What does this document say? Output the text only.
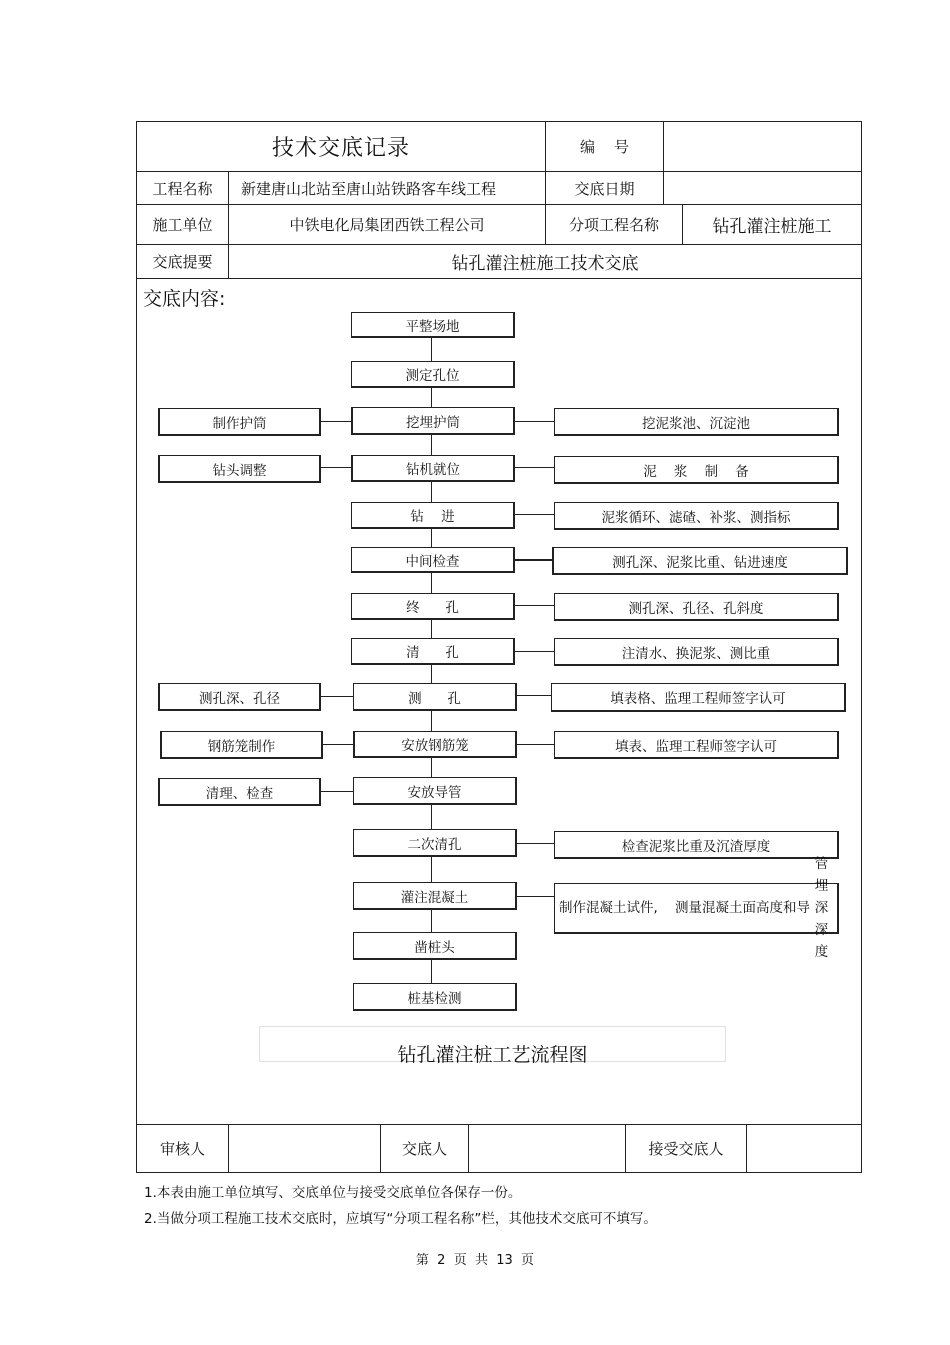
技术交底记录	编    号
工程名称	新建唐山北站至唐山站铁路客车线工程	交底日期
施工单位	中铁电化局集团西铁工程公司	分项工程名称	钻孔灌注桩施工
交底提要	钻孔灌注桩施工技术交底
交底内容:
平整场地
测定孔位
挖埋护筒
钻机就位
钻    进
中间检查
终      孔
清      孔
测      孔
安放钢筋笼
安放导管
二次清孔
灌注混凝土
凿桩头
桩基检测
制作护筒
钻头调整
测孔深、孔径
钢筋笼制作
清理、检查
挖泥浆池、沉淀池
泥    浆    制    备
泥浆循环、滤碴、补浆、测指标
测孔深、泥浆比重、钻进速度
测孔深、孔径、孔斜度
注清水、换泥浆、测比重
填表格、监理工程师签字认可
填表、监理工程师签字认可
检查泥浆比重及沉渣厚度
制作混凝土试件,    测量混凝土面高度和导
管埋深深度
钻孔灌注桩工艺流程图
审核人	交底人	接受交底人
1.本表由施工单位填写、交底单位与接受交底单位各保存一份。
2.当做分项工程施工技术交底时，应填写“分项工程名称”栏，其他技术交底可不填写。
第  2  页  共  13  页
